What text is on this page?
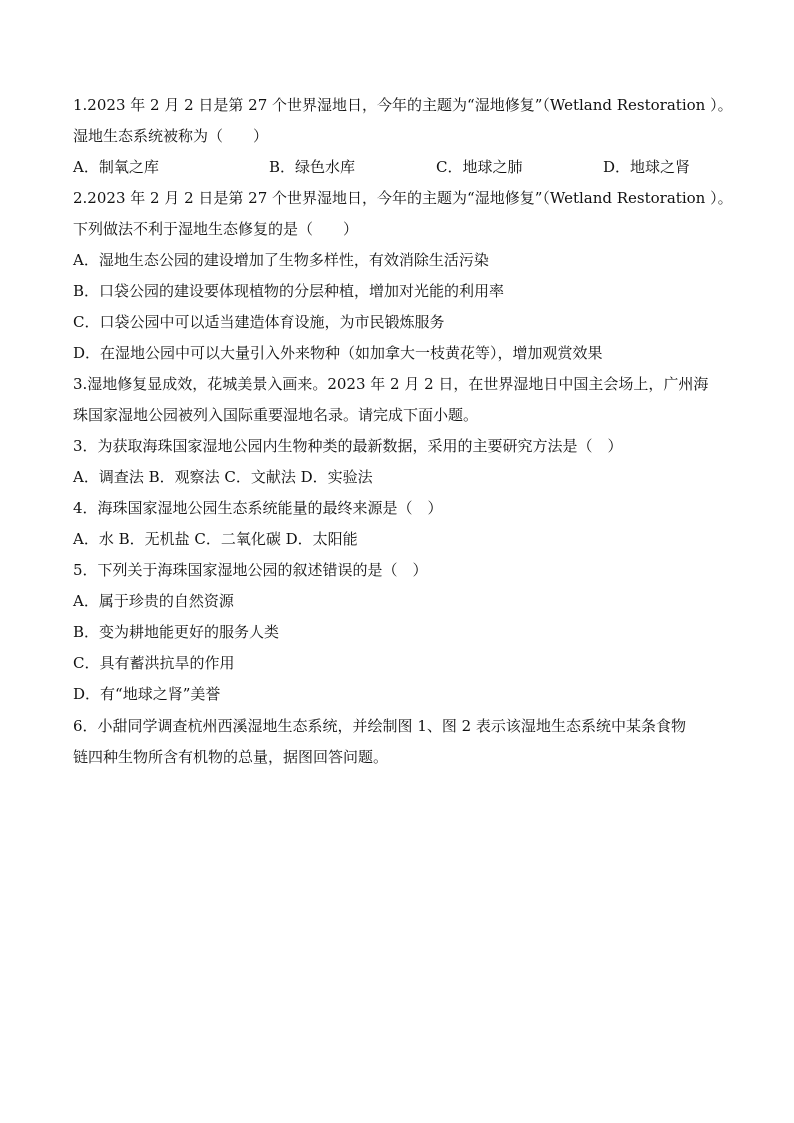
1.2023 年 2 月 2 日是第 27 个世界湿地日，今年的主题为“湿地修复”（Wetland Restoration ）。
湿地生态系统被称为（　　）
A．制氧之库	B．绿色水库	C．地球之肺	D．地球之肾
2.2023 年 2 月 2 日是第 27 个世界湿地日，今年的主题为“湿地修复”（Wetland Restoration ）。
下列做法不利于湿地生态修复的是（　　）
A．湿地生态公园的建设增加了生物多样性，有效消除生活污染
B．口袋公园的建设要体现植物的分层种植，增加对光能的利用率
C．口袋公园中可以适当建造体育设施，为市民锻炼服务
D．在湿地公园中可以大量引入外来物种（如加拿大一枝黄花等），增加观赏效果
3.湿地修复显成效，花城美景入画来。2023 年 2 月 2 日，在世界湿地日中国主会场上，广州海
珠国家湿地公园被列入国际重要湿地名录。请完成下面小题。
3．为获取海珠国家湿地公园内生物种类的最新数据，采用的主要研究方法是（　）
A．调查法 B．观察法 C．文献法 D．实验法
4．海珠国家湿地公园生态系统能量的最终来源是（　）
A．水 B．无机盐 C．二氧化碳 D．太阳能
5．下列关于海珠国家湿地公园的叙述错误的是（　）
A．属于珍贵的自然资源
B．变为耕地能更好的服务人类
C．具有蓄洪抗旱的作用
D．有“地球之肾”美誉
6．小甜同学调查杭州西溪湿地生态系统，并绘制图 1、图 2 表示该湿地生态系统中某条食物
链四种生物所含有机物的总量，据图回答问题。
